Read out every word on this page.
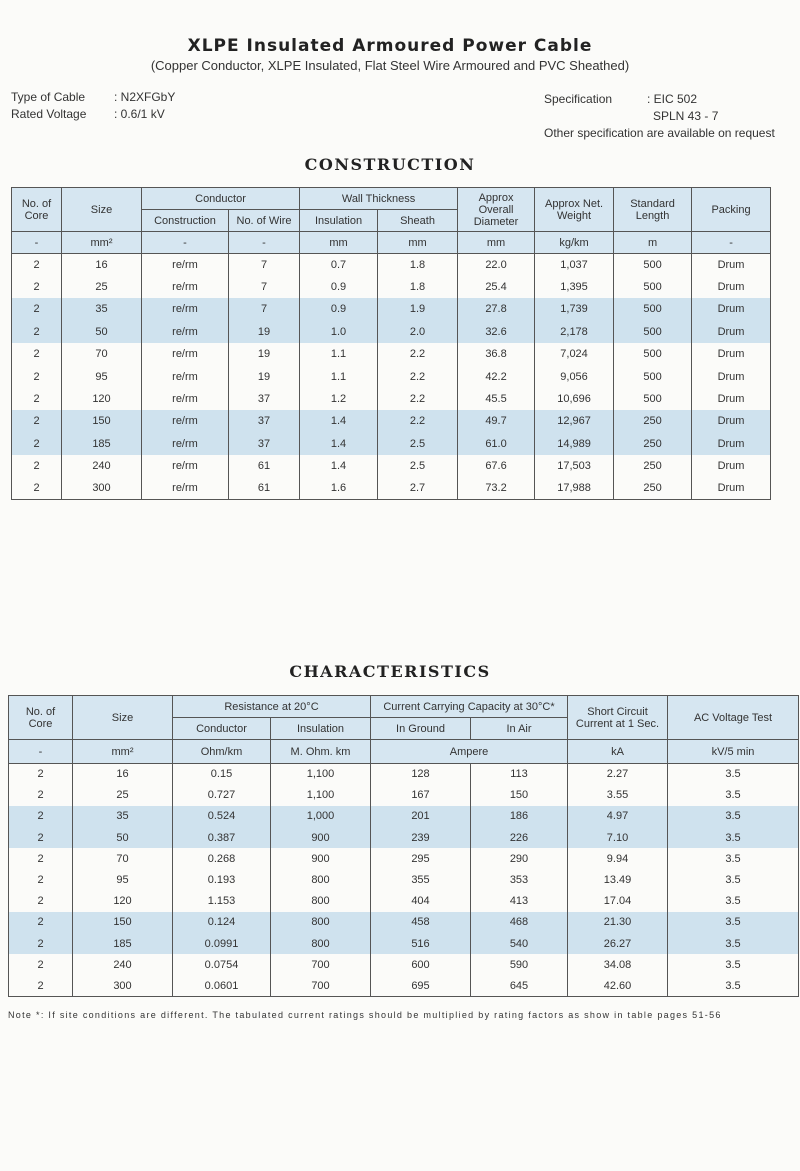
XLPE Insulated Armoured Power Cable
(Copper Conductor, XLPE Insulated, Flat Steel Wire Armoured and PVC Sheathed)
Type of Cable : N2XFGbY
Rated Voltage : 0.6/1 kV
Specification	: EIC 502
SPLN 43 - 7
Other specification are available on request
CONSTRUCTION
No. of Core	Size	Conductor		Wall Thickness		Approx Overall Diameter	Approx Net. Weight	Standard Length	Packing
		Construction	No. of Wire	Insulation	Sheath				
-	mm²	-	-	mm	mm	mm	kg/km	m	-
2	16	re/rm	7	0.7	1.8	22.0	1,037	500	Drum
2	25	re/rm	7	0.9	1.8	25.4	1,395	500	Drum
2	35	re/rm	7	0.9	1.9	27.8	1,739	500	Drum
2	50	re/rm	19	1.0	2.0	32.6	2,178	500	Drum
2	70	re/rm	19	1.1	2.2	36.8	7,024	500	Drum
2	95	re/rm	19	1.1	2.2	42.2	9,056	500	Drum
2	120	re/rm	37	1.2	2.2	45.5	10,696	500	Drum
2	150	re/rm	37	1.4	2.2	49.7	12,967	250	Drum
2	185	re/rm	37	1.4	2.5	61.0	14,989	250	Drum
2	240	re/rm	61	1.4	2.5	67.6	17,503	250	Drum
2	300	re/rm	61	1.6	2.7	73.2	17,988	250	Drum
CHARACTERISTICS
No. of Core	Size	Resistance at 20°C		Current Carrying Capacity at 30°C*		Short Circuit Current at 1 Sec.	AC Voltage Test
		Conductor	Insulation	In Ground	In Air		
-	mm²	Ohm/km	M. Ohm. km	Ampere		kA	kV/5 min
2	16	0.15	1,100	128	113	2.27	3.5
2	25	0.727	1,100	167	150	3.55	3.5
2	35	0.524	1,000	201	186	4.97	3.5
2	50	0.387	900	239	226	7.10	3.5
2	70	0.268	900	295	290	9.94	3.5
2	95	0.193	800	355	353	13.49	3.5
2	120	1.153	800	404	413	17.04	3.5
2	150	0.124	800	458	468	21.30	3.5
2	185	0.0991	800	516	540	26.27	3.5
2	240	0.0754	700	600	590	34.08	3.5
2	300	0.0601	700	695	645	42.60	3.5
Note *: If site conditions are different. The tabulated current ratings should be multiplied by rating factors as show in table pages 51-56
